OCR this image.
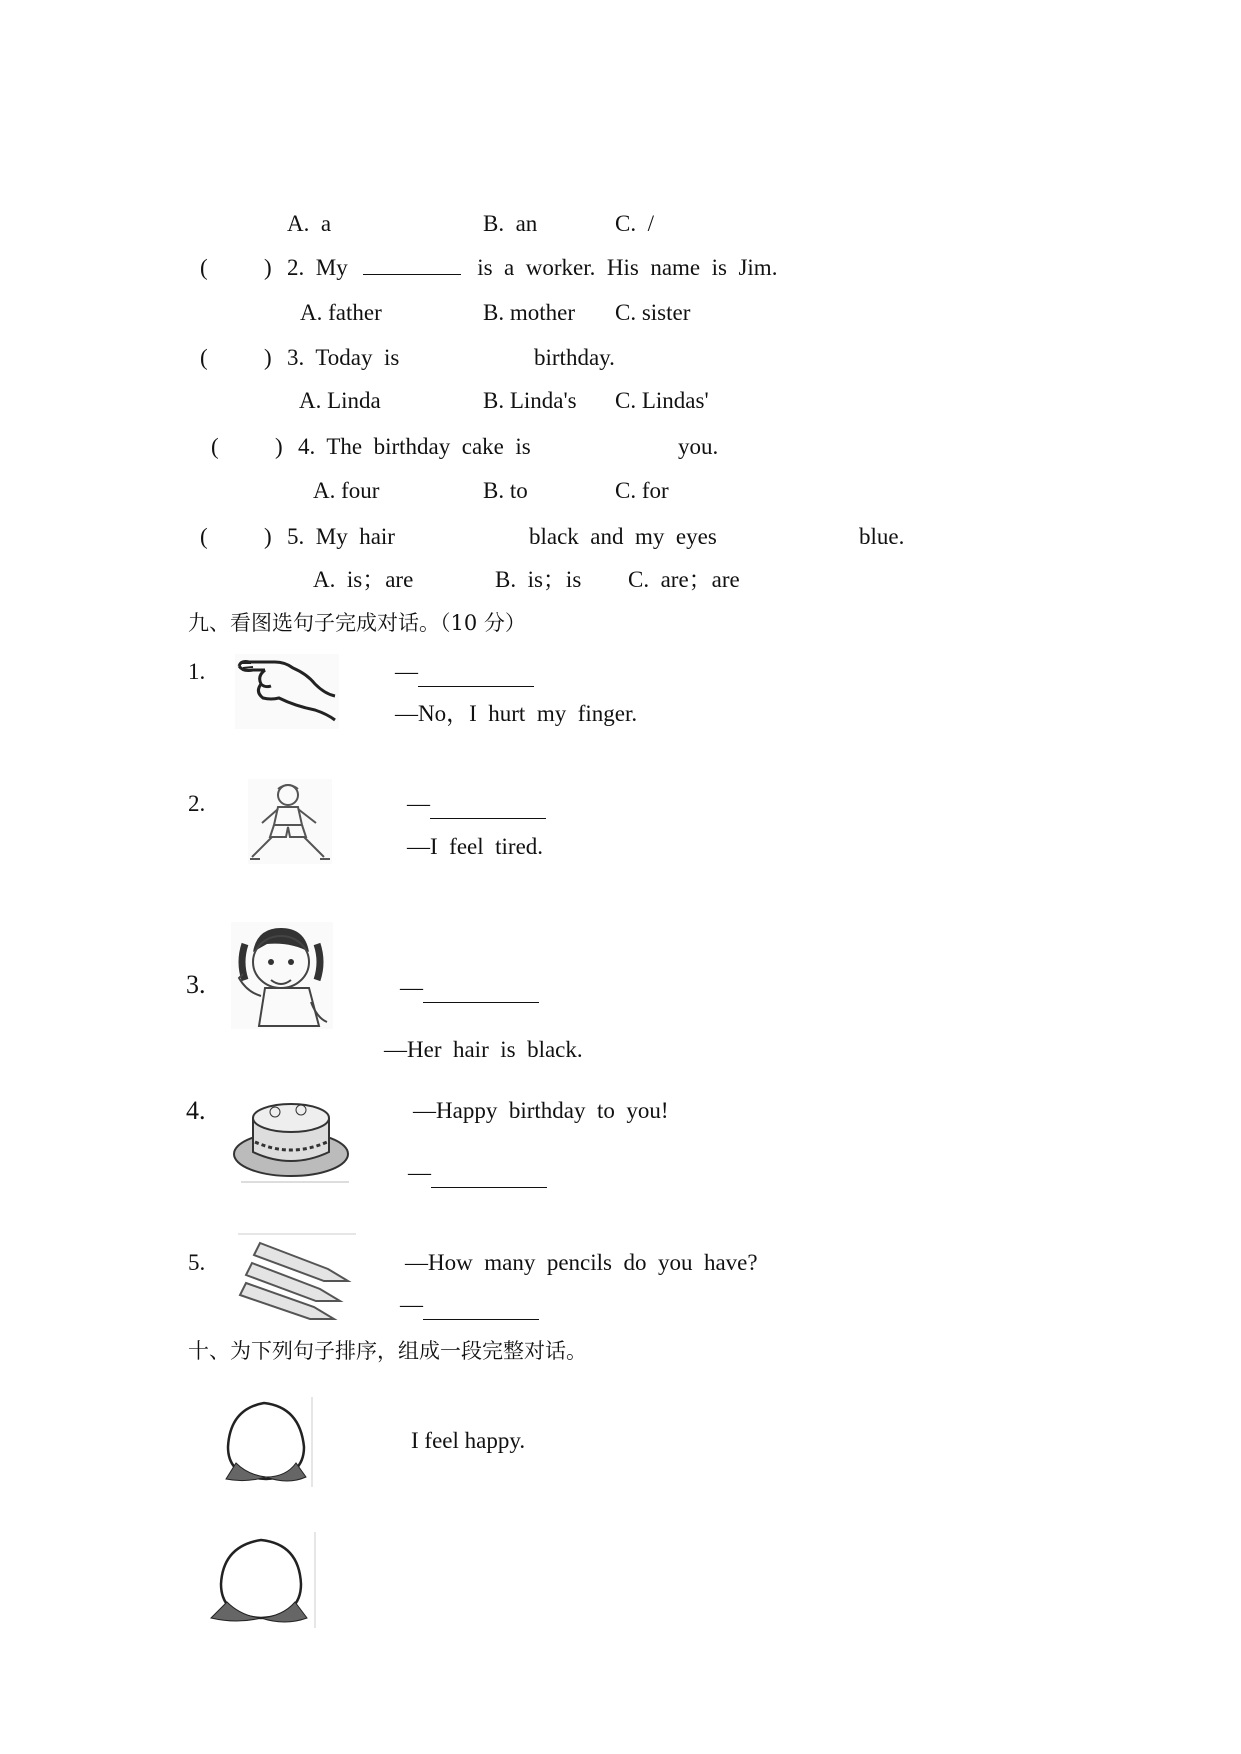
A.  a	B.  an	C.  /
( ) 2.  My	is  a  worker.  His  name  is  Jim.
A. father	B. mother C. sister
( ) 3.  Today  is	birthday.
A. Linda	B. Linda's C. Lindas'
( ) 4.  The  birthday  cake  is	you.
A. four	B. to	C. for
( ) 5.  My  hair	black  and  my  eyes	blue.
A.  is；are	B.  is；is C.  are；are
九、看图选句子完成对话。（10 分）
1.	—
—No，I  hurt  my  finger.
2.	—
—I  feel  tired.
3.	—
—Her  hair  is  black.
4.	—Happy  birthday  to  you!
—
5.	—How  many  pencils  do  you  have?
—
十、为下列句子排序，组成一段完整对话。
I feel happy.
